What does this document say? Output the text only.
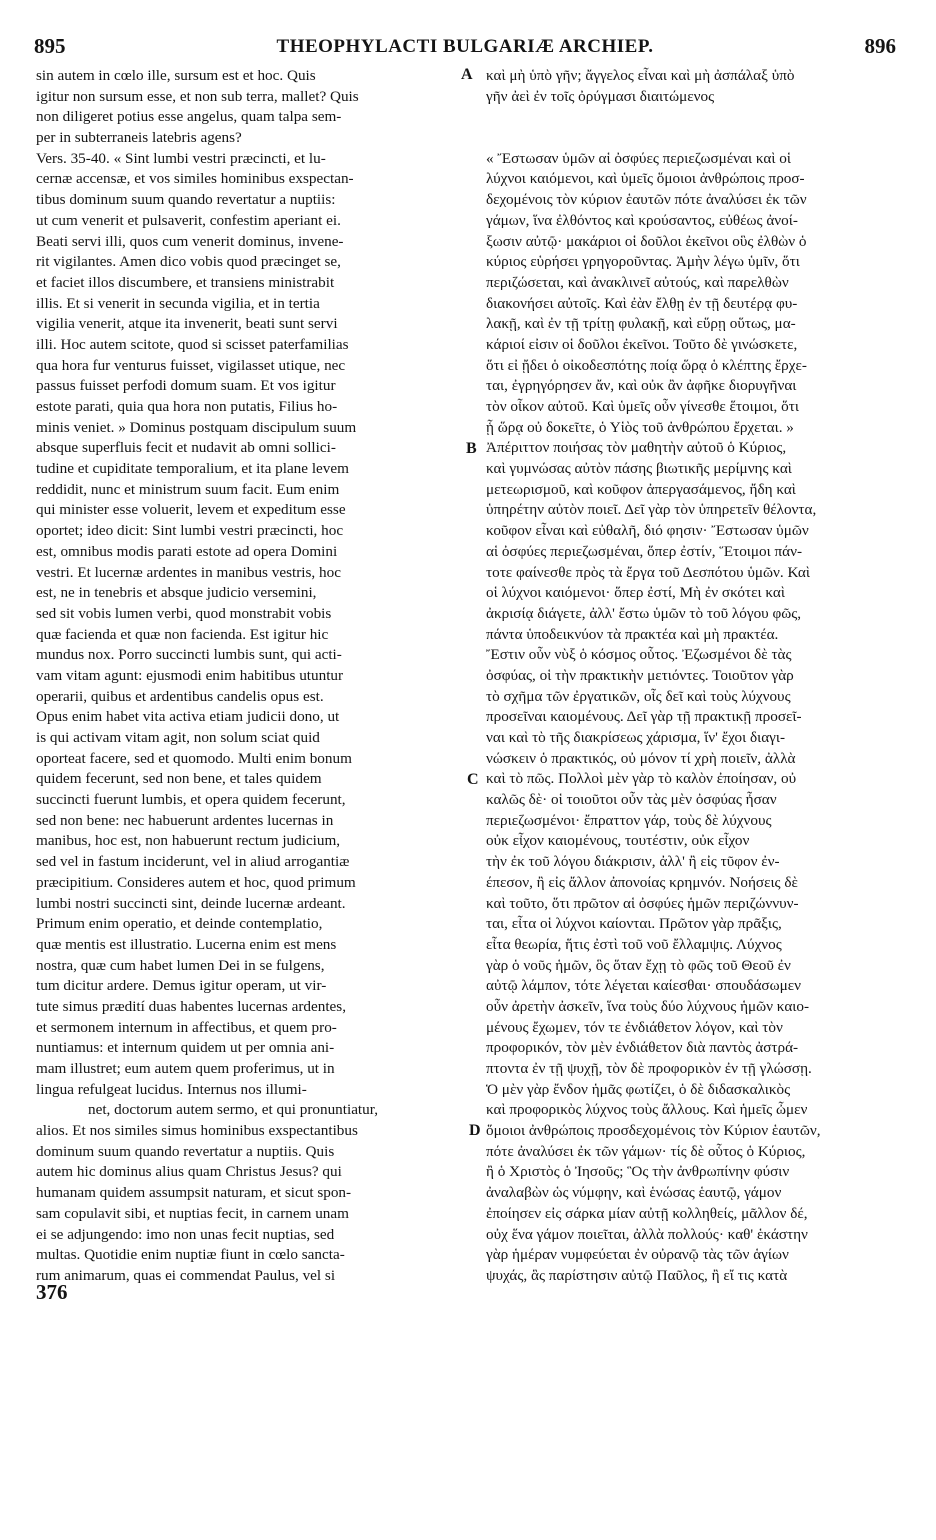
895	THEOPHYLACTI BULGARIÆ ARCHIEP.	896
sin autem in cœlo ille, sursum est et hoc. Quis
igitur non sursum esse, et non sub terra, mallet? Quis
non diligeret potius esse angelus, quam talpa sem-
per in subterraneis latebris agens?
Vers. 35-40. « Sint lumbi vestri præcincti, et lu-
cernæ accensæ, et vos similes hominibus exspectan-
tibus dominum suum quando revertatur a nuptiis:
ut cum venerit et pulsaverit, confestim aperiant ei.
Beati servi illi, quos cum venerit dominus, invene-
rit vigilantes. Amen dico vobis quod præcinget se,
et faciet illos discumbere, et transiens ministrabit
illis. Et si venerit in secunda vigilia, et in tertia
vigilia venerit, atque ita invenerit, beati sunt servi
illi. Hoc autem scitote, quod si scisset paterfamilias
qua hora fur venturus fuisset, vigilasset utique, nec
passus fuisset perfodi domum suam. Et vos igitur
estote parati, quia qua hora non putatis, Filius ho-
minis veniet. » Dominus postquam discipulum suum
absque superfluis fecit et nudavit ab omni sollici-
tudine et cupiditate temporalium, et ita plane levem
reddidit, nunc et ministrum suum facit. Eum enim
qui minister esse voluerit, levem et expeditum esse
oportet; ideo dicit: Sint lumbi vestri præcincti, hoc
est, omnibus modis parati estote ad opera Domini
vestri. Et lucernæ ardentes in manibus vestris, hoc
est, ne in tenebris et absque judicio versemini,
sed sit vobis lumen verbi, quod monstrabit vobis
quæ facienda et quæ non facienda. Est igitur hic
mundus nox. Porro succincti lumbis sunt, qui acti-
vam vitam agunt: ejusmodi enim habitibus utuntur
operarii, quibus et ardentibus candelis opus est.
Opus enim habet vita activa etiam judicii dono, ut
is qui activam vitam agit, non solum sciat quid
oporteat facere, sed et quomodo. Multi enim bonum
quidem fecerunt, sed non bene, et tales quidem
succincti fuerunt lumbis, et opera quidem fecerunt,
sed non bene: nec habuerunt ardentes lucernas in
manibus, hoc est, non habuerunt rectum judicium,
sed vel in fastum inciderunt, vel in aliud arrogantiæ
præcipitium. Consideres autem et hoc, quod primum
lumbi nostri succincti sint, deinde lucernæ ardeant.
Primum enim operatio, et deinde contemplatio,
quæ mentis est illustratio. Lucerna enim est mens
nostra, quæ cum habet lumen Dei in se fulgens,
tum dicitur ardere. Demus igitur operam, ut vir-
tute simus prædití duas habentes lucernas ardentes,
et sermonem internum in affectibus, et quem pro-
nuntiamus: et internum quidem ut per omnia ani-
mam illustret; eum autem quem proferimus, ut in
lingua refulgeat lucidus. Internus nos illumi-
net, doctorum autem sermo, et qui pronuntiatur,
alios. Et nos similes simus hominibus exspectantibus
dominum suum quando revertatur a nuptiis. Quis
autem hic dominus alius quam Christus Jesus? qui
humanam quidem assumpsit naturam, et sicut spon-
sam copulavit sibi, et nuptias fecit, in carnem unam
ei se adjungendo: imo non unas fecit nuptias, sed
multas. Quotidie enim nuptiæ fiunt in cœlo sancta-
rum animarum, quas ei commendat Paulus, vel si
καὶ μὴ ὑπὸ γῆν; ἄγγελος εἶναι καὶ μὴ ἀσπάλαξ ὑπὸ
γῆν ἀεὶ ἐν τοῖς ὀρύγμασι διαιτώμενος
« Ἔστωσαν ὑμῶν αἱ ὀσφύες περιεζωσμέναι καὶ οἱ
λύχνοι καιόμενοι, καὶ ὑμεῖς ὅμοιοι ἀνθρώποις προσ-
δεχομένοις τὸν κύριον ἑαυτῶν πότε ἀναλύσει ἐκ τῶν
γάμων, ἵνα ἐλθόντος καὶ κρούσαντος, εὐθέως ἀνοί-
ξωσιν αὐτῷ· μακάριοι οἱ δοῦλοι ἐκεῖνοι οὓς ἐλθὼν ὁ
κύριος εὑρήσει γρηγοροῦντας. Ἀμὴν λέγω ὑμῖν, ὅτι
περιζώσεται, καὶ ἀνακλινεῖ αὐτούς, καὶ παρελθὼν
διακονήσει αὐτοῖς. Καὶ ἐὰν ἔλθῃ ἐν τῇ δευτέρᾳ φυ-
λακῇ, καὶ ἐν τῇ τρίτῃ φυλακῇ, καὶ εὕρῃ οὕτως, μα-
κάριοί εἰσιν οἱ δοῦλοι ἐκεῖνοι. Τοῦτο δὲ γινώσκετε,
ὅτι εἰ ᾔδει ὁ οἰκοδεσπότης ποίᾳ ὥρᾳ ὁ κλέπτης ἔρχε-
ται, ἐγρηγόρησεν ἄν, καὶ οὐκ ἂν ἀφῆκε διορυγῆναι
τὸν οἶκον αὐτοῦ. Καὶ ὑμεῖς οὖν γίνεσθε ἕτοιμοι, ὅτι
ᾗ ὥρᾳ οὐ δοκεῖτε, ὁ Υἱὸς τοῦ ἀνθρώπου ἔρχεται. »
Ἀπέριττον ποιήσας τὸν μαθητὴν αὐτοῦ ὁ Κύριος,
καὶ γυμνώσας αὐτὸν πάσης βιωτικῆς μερίμνης καὶ
μετεωρισμοῦ, καὶ κοῦφον ἀπεργασάμενος, ἤδη καὶ
ὑπηρέτην αὐτὸν ποιεῖ. Δεῖ γὰρ τὸν ὑπηρετεῖν θέλοντα,
κοῦφον εἶναι καὶ εὐθαλῆ, διό φησιν· Ἔστωσαν ὑμῶν
αἱ ὀσφύες περιεζωσμέναι, ὅπερ ἐστίν, Ἕτοιμοι πάν-
τοτε φαίνεσθε πρὸς τὰ ἔργα τοῦ Δεσπότου ὑμῶν. Καὶ
οἱ λύχνοι καιόμενοι· ὅπερ ἐστί, Μὴ ἐν σκότει καὶ
ἀκρισίᾳ διάγετε, ἀλλ' ἔστω ὑμῶν τὸ τοῦ λόγου φῶς,
πάντα ὑποδεικνύον τὰ πρακτέα καὶ μὴ πρακτέα.
Ἔστιν οὖν νὺξ ὁ κόσμος οὗτος. Ἐζωσμένοι δὲ τὰς
ὀσφύας, οἱ τὴν πρακτικὴν μετιόντες. Τοιοῦτον γὰρ
τὸ σχῆμα τῶν ἐργατικῶν, οἷς δεῖ καὶ τοὺς λύχνους
προσεῖναι καιομένους. Δεῖ γὰρ τῇ πρακτικῇ προσεῖ-
ναι καὶ τὸ τῆς διακρίσεως χάρισμα, ἵν' ἔχοι διαγι-
νώσκειν ὁ πρακτικός, οὐ μόνον τί χρὴ ποιεῖν, ἀλλὰ
καὶ τὸ πῶς. Πολλοὶ μὲν γὰρ τὸ καλὸν ἐποίησαν, οὐ
καλῶς δὲ· οἱ τοιοῦτοι οὖν τὰς μὲν ὀσφύας ἦσαν
περιεζωσμένοι· ἔπραττον γάρ, τοὺς δὲ λύχνους
οὐκ εἶχον καιομένους, τουτέστιν, οὐκ εἶχον
τὴν ἐκ τοῦ λόγου διάκρισιν, ἀλλ' ἢ εἰς τῦφον ἐν-
έπεσον, ἢ εἰς ἄλλον ἀπονοίας κρημνόν. Νοήσεις δὲ
καὶ τοῦτο, ὅτι πρῶτον αἱ ὀσφύες ἡμῶν περιζώννυν-
ται, εἶτα οἱ λύχνοι καίονται. Πρῶτον γὰρ πρᾶξις,
εἶτα θεωρία, ἥτις ἐστὶ τοῦ νοῦ ἔλλαμψις. Λύχνος
γὰρ ὁ νοῦς ἡμῶν, ὃς ὅταν ἔχῃ τὸ φῶς τοῦ Θεοῦ ἐν
αὐτῷ λάμπον, τότε λέγεται καίεσθαι· σπουδάσωμεν
οὖν ἀρετὴν ἀσκεῖν, ἵνα τοὺς δύο λύχνους ἡμῶν καιο-
μένους ἔχωμεν, τόν τε ἐνδιάθετον λόγον, καὶ τὸν
προφορικόν, τὸν μὲν ἐνδιάθετον διὰ παντὸς ἀστρά-
πτοντα ἐν τῇ ψυχῇ, τὸν δὲ προφορικὸν ἐν τῇ γλώσσῃ.
Ὁ μὲν γὰρ ἔνδον ἡμᾶς φωτίζει, ὁ δὲ διδασκαλικὸς
καὶ προφορικὸς λύχνος τοὺς ἄλλους. Καὶ ἡμεῖς ὦμεν
ὅμοιοι ἀνθρώποις προσδεχομένοις τὸν Κύριον ἑαυτῶν,
πότε ἀναλύσει ἐκ τῶν γάμων· τίς δὲ οὗτος ὁ Κύριος,
ἢ ὁ Χριστὸς ὁ Ἰησοῦς; Ὃς τὴν ἀνθρωπίνην φύσιν
ἀναλαβὼν ὡς νύμφην, καὶ ἑνώσας ἑαυτῷ, γάμον
ἐποίησεν εἰς σάρκα μίαν αὐτῇ κολληθείς, μᾶλλον δέ,
οὐχ ἕνα γάμον ποιεῖται, ἀλλὰ πολλούς· καθ' ἑκάστην
γὰρ ἡμέραν νυμφεύεται ἐν οὐρανῷ τὰς τῶν ἁγίων
ψυχάς, ἃς παρίστησιν αὐτῷ Παῦλος, ἢ εἴ τις κατὰ
A
B
C
D
376
